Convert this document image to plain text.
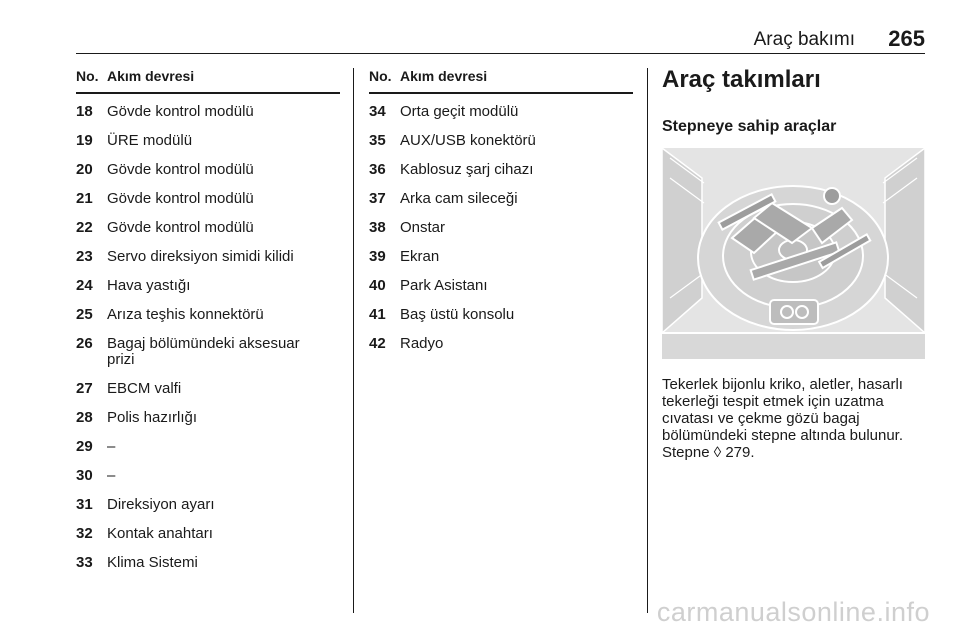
Araç bakımı 265
No. Akım devresi
18 Gövde kontrol modülü
19 ÜRE modülü
20 Gövde kontrol modülü
21 Gövde kontrol modülü
22 Gövde kontrol modülü
23 Servo direksiyon simidi kilidi
24 Hava yastığı
25 Arıza teşhis konnektörü
26 Bagaj bölümündeki aksesuar
prizi
27 EBCM valfi
28 Polis hazırlığı
29 –
30 –
31 Direksiyon ayarı
32 Kontak anahtarı
33 Klima Sistemi
No. Akım devresi
34 Orta geçit modülü
35 AUX/USB konektörü
36 Kablosuz şarj cihazı
37 Arka cam sileceği
38 Onstar
39 Ekran
40 Park Asistanı
41 Baş üstü konsolu
42 Radyo
Araç takımları
Stepneye sahip araçlar
Tekerlek bijonlu kriko, aletler, hasarlı
tekerleği tespit etmek için uzatma
cıvatası ve çekme gözü bagaj
bölümündeki stepne altında bulunur.
Stepne ◊ 279.
carmanualsonline.info
